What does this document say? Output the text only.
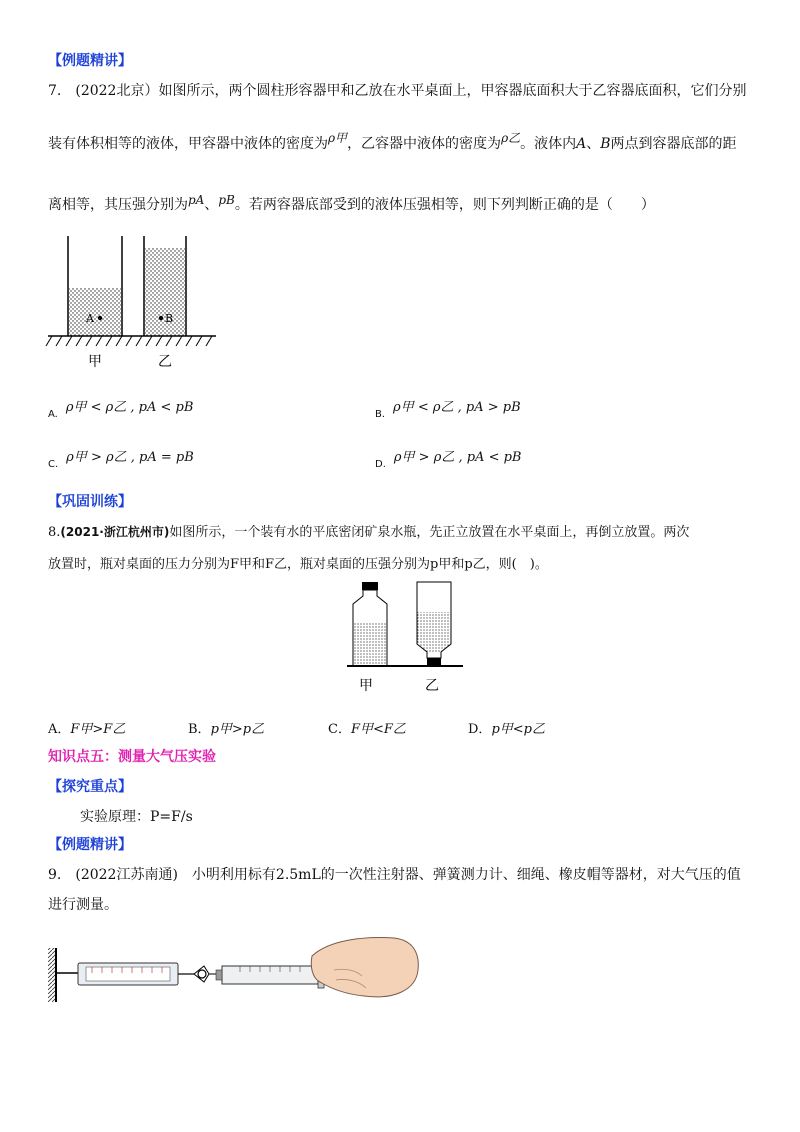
【例题精讲】
7.　(2022北京）如图所示，两个圆柱形容器甲和乙放在水平桌面上，甲容器底面积大于乙容器底面积，它们分别
装有体积相等的液体，甲容器中液体的密度为ρ甲，乙容器中液体的密度为ρ乙。液体内A、B两点到容器底部的距
离相等，其压强分别为pA、pB。若两容器底部受到的液体压强相等，则下列判断正确的是（　　）
A	B
甲	乙
$_{A.}$ ρ甲 < ρ乙 , pA < pB	$_{B.}$ ρ甲 < ρ乙 , pA > pB
$_{C.}$ ρ甲 > ρ乙 , pA = pB	$_{D.}$ ρ甲 > ρ乙 , pA < pB
【巩固训练】
8.(2021·浙江杭州市)如图所示，一个装有水的平底密闭矿泉水瓶，先正立放置在水平桌面上，再倒立放置。两次
放置时，瓶对桌面的压力分别为F甲和F乙，瓶对桌面的压强分别为p甲和p乙，则(　)。
甲	乙
A．F甲>F乙	B．p甲>p乙	C．F甲<F乙	D．p甲<p乙
知识点五：测量大气压实验
【探究重点】
实验原理：P=F/s
【例题精讲】
9.　(2022江苏南通)　小明利用标有2.5mL的一次性注射器、弹簧测力计、细绳、橡皮帽等器材，对大气压的值
进行测量。
